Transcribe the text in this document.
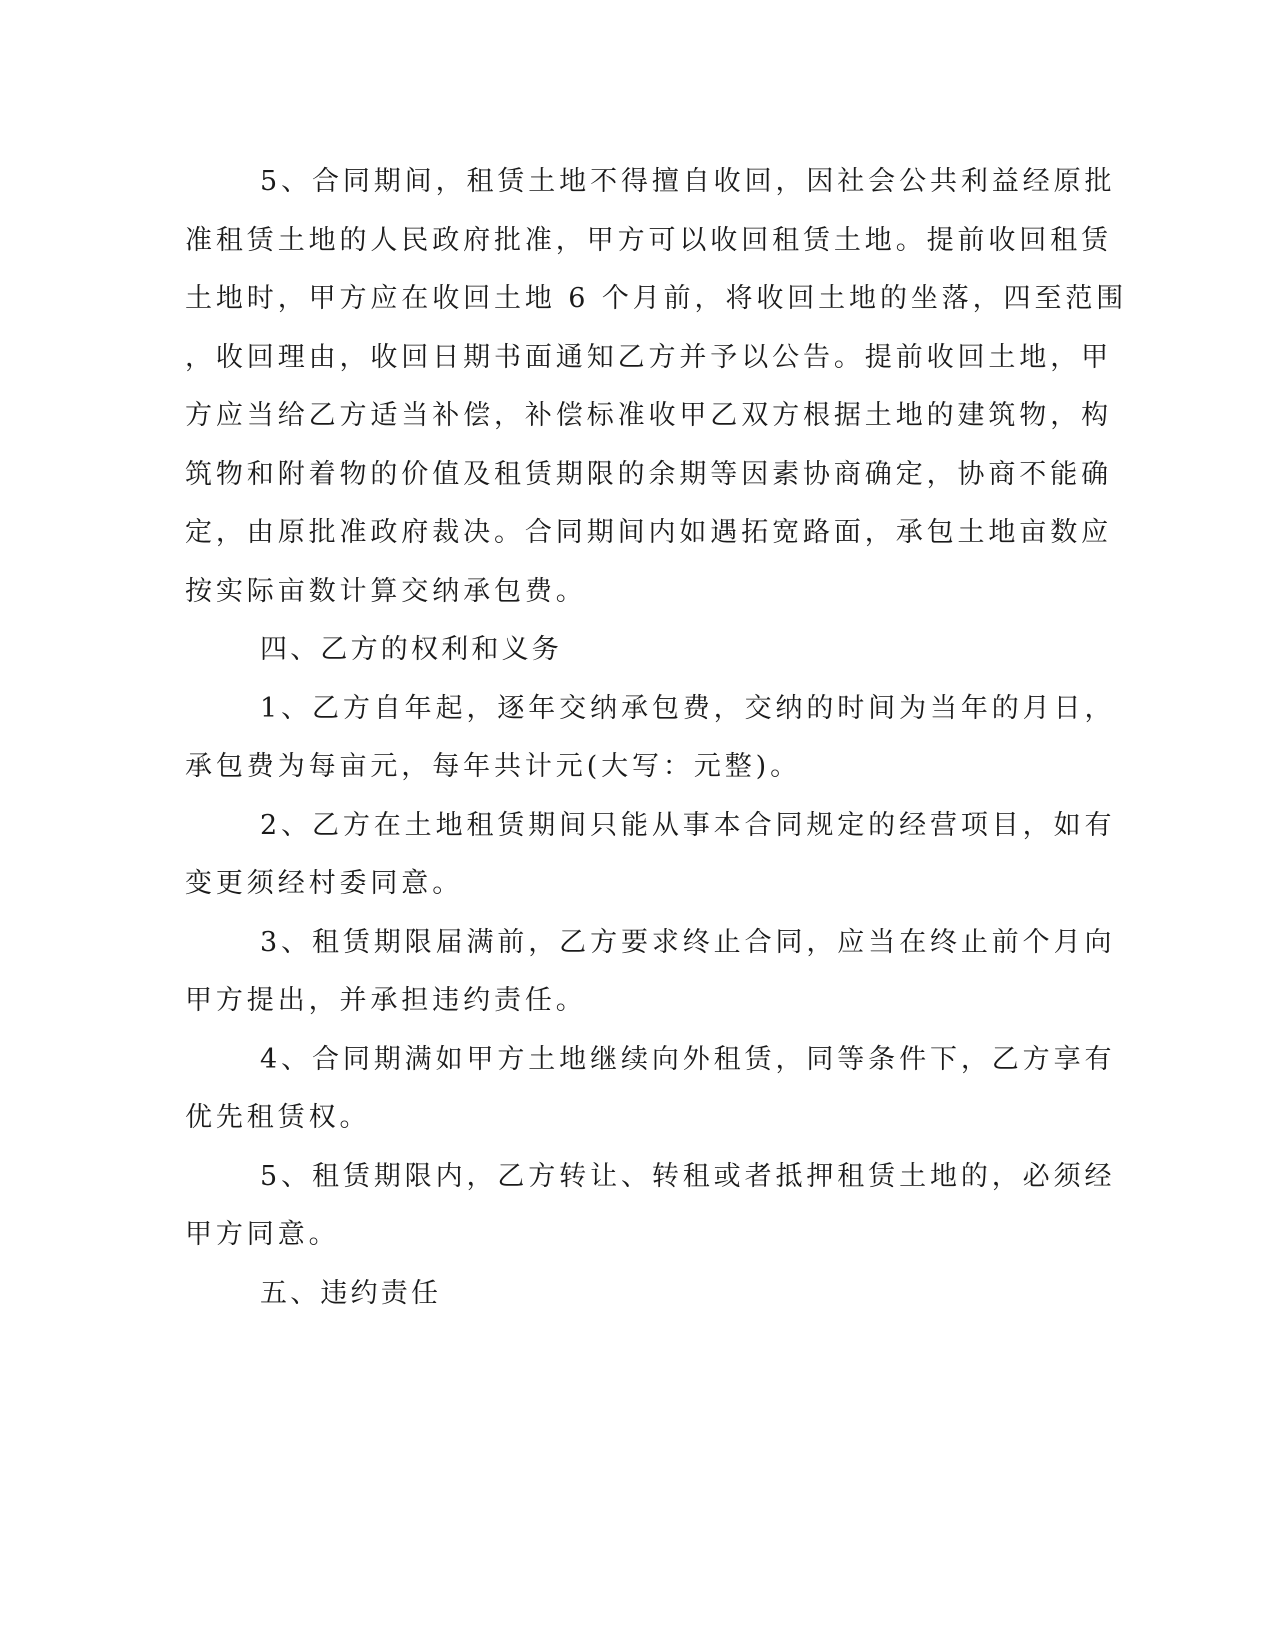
5、合同期间，租赁土地不得擅自收回，因社会公共利益经原批
准租赁土地的人民政府批准，甲方可以收回租赁土地。提前收回租赁
土地时，甲方应在收回土地 6 个月前，将收回土地的坐落，四至范围
，收回理由，收回日期书面通知乙方并予以公告。提前收回土地，甲
方应当给乙方适当补偿，补偿标准收甲乙双方根据土地的建筑物，构
筑物和附着物的价值及租赁期限的余期等因素协商确定，协商不能确
定，由原批准政府裁决。合同期间内如遇拓宽路面，承包土地亩数应
按实际亩数计算交纳承包费。
四、乙方的权利和义务
1、乙方自年起，逐年交纳承包费，交纳的时间为当年的月日，
承包费为每亩元，每年共计元(大写：元整)。
2、乙方在土地租赁期间只能从事本合同规定的经营项目，如有
变更须经村委同意。
3、租赁期限届满前，乙方要求终止合同，应当在终止前个月向
甲方提出，并承担违约责任。
4、合同期满如甲方土地继续向外租赁，同等条件下，乙方享有
优先租赁权。
5、租赁期限内，乙方转让、转租或者抵押租赁土地的，必须经
甲方同意。
五、违约责任
